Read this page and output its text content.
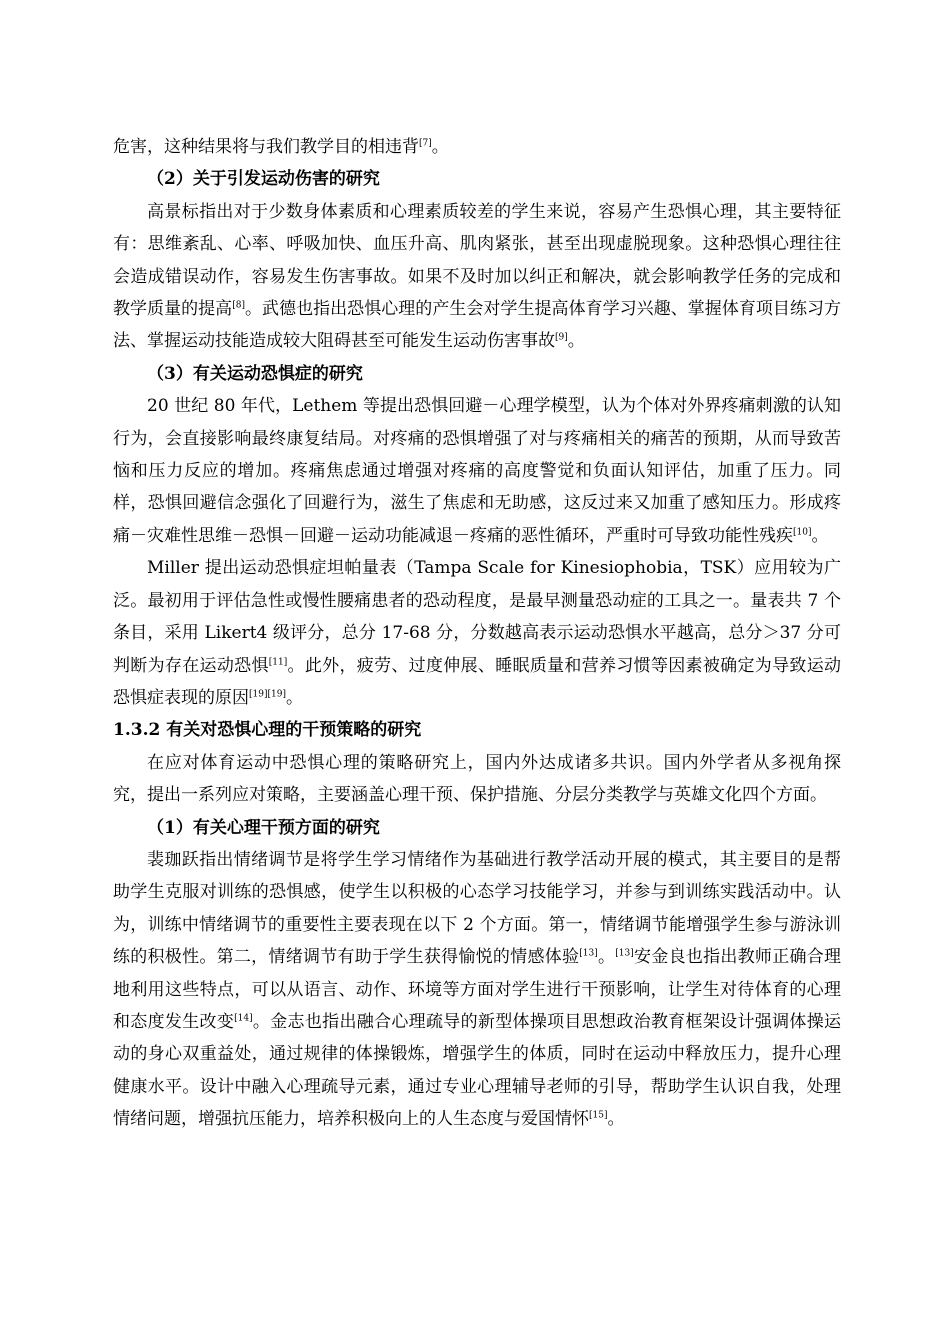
危害，这种结果将与我们教学目的相违背[7]。

（2）关于引发运动伤害的研究

高景标指出对于少数身体素质和心理素质较差的学生来说，容易产生恐惧心理，其主要特征有：思维紊乱、心率、呼吸加快、血压升高、肌肉紧张，甚至出现虚脱现象。这种恐惧心理往往会造成错误动作，容易发生伤害事故。如果不及时加以纠正和解决，就会影响教学任务的完成和教学质量的提高[8]。武德也指出恐惧心理的产生会对学生提高体育学习兴趣、掌握体育项目练习方法、掌握运动技能造成较大阻碍甚至可能发生运动伤害事故[9]。

（3）有关运动恐惧症的研究

20 世纪 80 年代，Lethem 等提出恐惧回避－心理学模型，认为个体对外界疼痛刺激的认知行为，会直接影响最终康复结局。对疼痛的恐惧增强了对与疼痛相关的痛苦的预期，从而导致苦恼和压力反应的增加。疼痛焦虑通过增强对疼痛的高度警觉和负面认知评估，加重了压力。同样，恐惧回避信念强化了回避行为，滋生了焦虑和无助感，这反过来又加重了感知压力。形成疼痛－灾难性思维－恐惧－回避－运动功能减退－疼痛的恶性循环，严重时可导致功能性残疾[10]。

Miller 提出运动恐惧症坦帕量表（Tampa Scale for Kinesiophobia，TSK）应用较为广泛。最初用于评估急性或慢性腰痛患者的恐动程度，是最早测量恐动症的工具之一。量表共 7 个条目，采用 Likert4 级评分，总分 17-68 分，分数越高表示运动恐惧水平越高，总分＞37 分可判断为存在运动恐惧[11]。此外，疲劳、过度伸展、睡眠质量和营养习惯等因素被确定为导致运动恐惧症表现的原因[19][19]。

1.3.2 有关对恐惧心理的干预策略的研究

在应对体育运动中恐惧心理的策略研究上，国内外达成诸多共识。国内外学者从多视角探究，提出一系列应对策略，主要涵盖心理干预、保护措施、分层分类教学与英雄文化四个方面。

（1）有关心理干预方面的研究

裴珈跃指出情绪调节是将学生学习情绪作为基础进行教学活动开展的模式，其主要目的是帮助学生克服对训练的恐惧感，使学生以积极的心态学习技能学习，并参与到训练实践活动中。认为，训练中情绪调节的重要性主要表现在以下 2 个方面。第一，情绪调节能增强学生参与游泳训练的积极性。第二，情绪调节有助于学生获得愉悦的情感体验[13]。[13]安金良也指出教师正确合理地利用这些特点，可以从语言、动作、环境等方面对学生进行干预影响，让学生对待体育的心理和态度发生改变[14]。金志也指出融合心理疏导的新型体操项目思想政治教育框架设计强调体操运动的身心双重益处，通过规律的体操锻炼，增强学生的体质，同时在运动中释放压力，提升心理健康水平。设计中融入心理疏导元素，通过专业心理辅导老师的引导，帮助学生认识自我，处理情绪问题，增强抗压能力，培养积极向上的人生态度与爱国情怀[15]。
